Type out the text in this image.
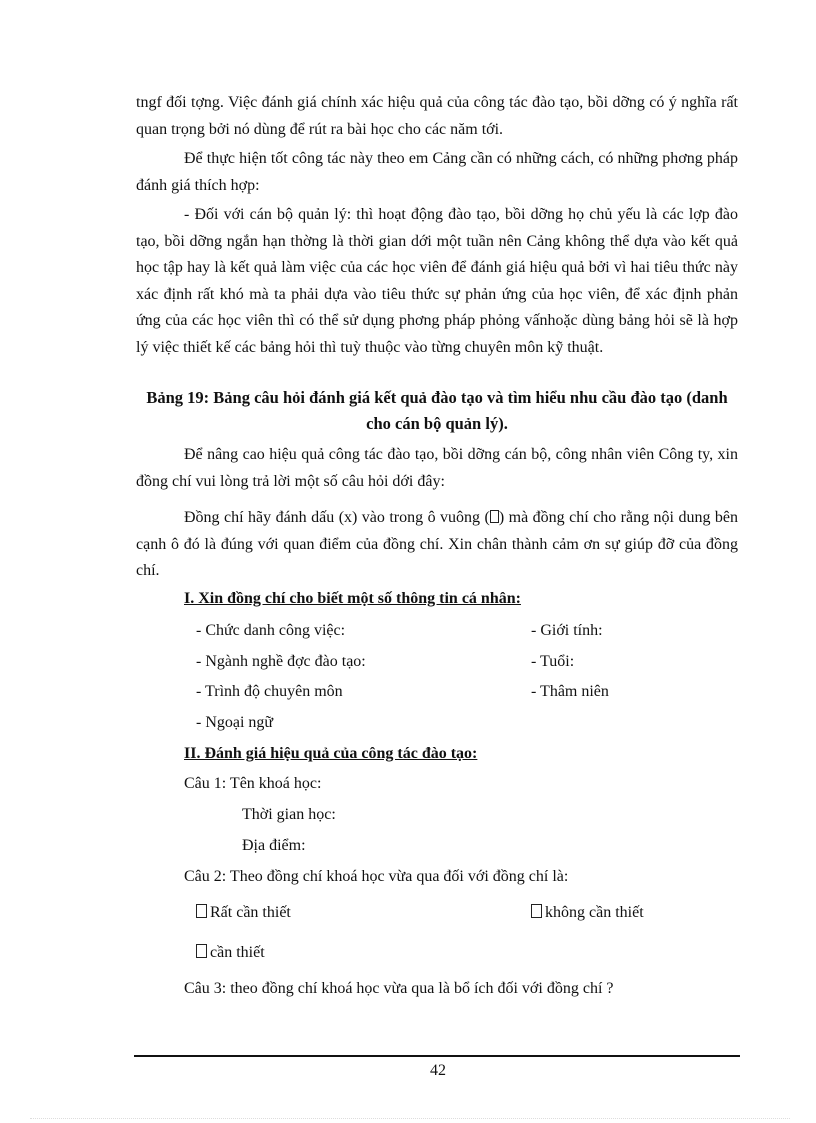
tngf đối tợng. Việc đánh giá chính xác hiệu quả của công tác đào tạo, bồi dỡng có ý nghĩa rất quan trọng bởi nó dùng để rút ra bài học cho các năm tới.

Để thực hiện tốt công tác này theo em Cảng cần có những cách, có những phơng pháp đánh giá thích hợp:

- Đối với cán bộ quản lý: thì hoạt động đào tạo, bồi dỡng họ chủ yếu là các lợp đào tạo, bồi dỡng ngắn hạn thờng là thời gian dới một tuần nên Cảng không thể dựa vào kết quả học tập hay là kết quả làm việc của các học viên để đánh giá hiệu quả bởi vì hai tiêu thức này xác định rất khó mà ta phải dựa vào tiêu thức sự phản ứng của học viên, để xác định phản ứng của các học viên thì có thể sử dụng phơng pháp phỏng vấnhoặc dùng bảng hỏi sẽ là hợp lý việc thiết kế các bảng hỏi thì tuỳ thuộc vào từng chuyên môn kỹ thuật.

Bảng 19: Bảng câu hỏi đánh giá kết quả đào tạo và tìm hiểu nhu cầu đào tạo (danh cho cán bộ quản lý).

Để nâng cao hiệu quả công tác đào tạo, bồi dỡng cán bộ, công nhân viên Công ty, xin đồng chí vui lòng trả lời một số câu hỏi dới đây:

Đồng chí hãy đánh dấu (x) vào trong ô vuông ( ) mà đồng chí cho rằng nội dung bên cạnh ô đó là đúng với quan điểm của đồng chí. Xin chân thành cảm ơn sự giúp đỡ của đồng chí.

I. Xin đồng chí cho biết một số thông tin cá nhân:
- Chức danh công việc:
- Ngành nghề đợc đào tạo:
- Trình độ chuyên môn
- Ngoại ngữ
- Giới tính:
- Tuổi:
- Thâm niên
II. Đánh giá hiệu quả của công tác đào tạo:
Câu 1: Tên khoá học:
Thời gian học:
Địa điểm:
Câu 2: Theo đồng chí khoá học vừa qua đối với đồng chí là:
Rất cần thiết	không cần thiết
cần thiết
Câu 3: theo đồng chí khoá học vừa qua là bổ ích đối với đồng chí ?
42
